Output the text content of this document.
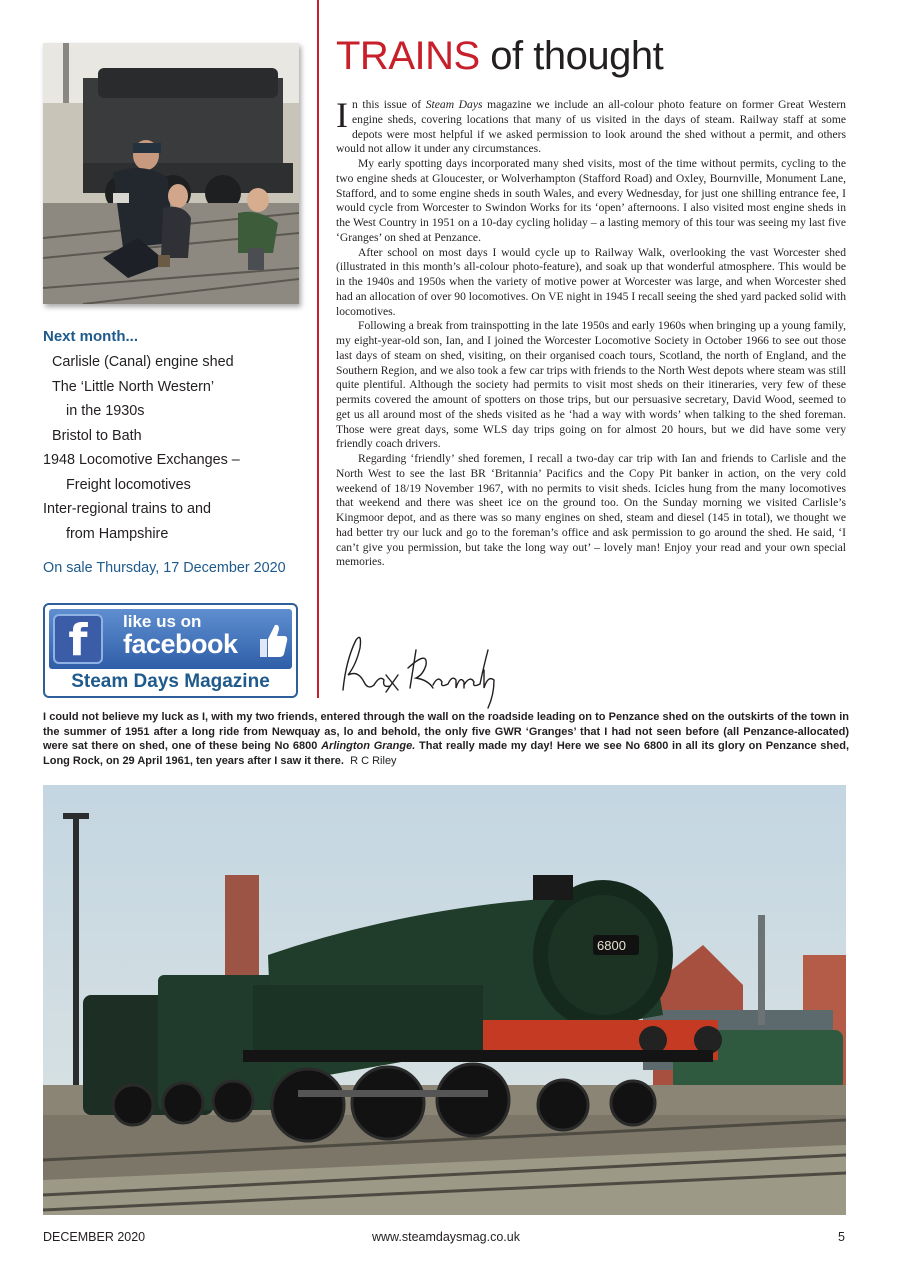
Next month...
Carlisle (Canal) engine shed
The ‘Little North Western’
in the 1930s
Bristol to Bath
1948 Locomotive Exchanges –
Freight locomotives
Inter-regional trains to and
from Hampshire
On sale Thursday, 17 December 2020
f	like us on
facebook
Steam Days Magazine
TRAINS of thought

In this issue of Steam Days magazine we include an all-colour photo feature on former Great Western engine sheds, covering locations that many of us visited in the days of steam. Railway staff at some depots were most helpful if we asked permission to look around the shed without a permit, and others would not allow it under any circumstances.

My early spotting days incorporated many shed visits, most of the time without permits, cycling to the two engine sheds at Gloucester, or Wolverhampton (Stafford Road) and Oxley, Bournville, Monument Lane, Stafford, and to some engine sheds in south Wales, and every Wednesday, for just one shilling entrance fee, I would cycle from Worcester to Swindon Works for its ‘open’ afternoons. I also visited most engine sheds in the West Country in 1951 on a 10-day cycling holiday – a lasting memory of this tour was seeing my last five ‘Granges’ on shed at Penzance.

After school on most days I would cycle up to Railway Walk, overlooking the vast Worcester shed (illustrated in this month’s all-colour photo-feature), and soak up that wonderful atmosphere. This would be in the 1940s and 1950s when the variety of motive power at Worcester was large, and when Worcester shed had an allocation of over 90 locomotives. On VE night in 1945 I recall seeing the shed yard packed solid with locomotives.

Following a break from trainspotting in the late 1950s and early 1960s when bringing up a young family, my eight-year-old son, Ian, and I joined the Worcester Locomotive Society in October 1966 to see out those last days of steam on shed, visiting, on their organised coach tours, Scotland, the north of England, and the Southern Region, and we also took a few car trips with friends to the North West depots where steam was still quite plentiful. Although the society had permits to visit most sheds on their itineraries, very few of these permits covered the amount of spotters on those trips, but our persuasive secretary, David Wood, seemed to get us all around most of the sheds visited as he ‘had a way with words’ when talking to the shed foreman. Those were great days, some WLS day trips going on for almost 20 hours, but we did have some very friendly coach drivers.

Regarding ‘friendly’ shed foremen, I recall a two-day car trip with Ian and friends to Carlisle and the North West to see the last BR ‘Britannia’ Pacifics and the Copy Pit banker in action, on the very cold weekend of 18/19 November 1967, with no permits to visit sheds. Icicles hung from the many locomotives that weekend and there was sheet ice on the ground too. On the Sunday morning we visited Carlisle’s Kingmoor depot, and as there was so many engines on shed, steam and diesel (145 in total), we thought we had better try our luck and go to the foreman’s office and ask permission to go around the shed. He said, ‘I can’t give you permission, but take the long way out’ – lovely man! Enjoy your read and your own special memories.

I could not believe my luck as I, with my two friends, entered through the wall on the roadside leading on to Penzance shed on the outskirts of the town in the summer of 1951 after a long ride from Newquay as, lo and behold, the only five GWR ‘Granges’ that I had not seen before (all Penzance-allocated) were sat there on shed, one of these being No 6800 Arlington Grange. That really made my day! Here we see No 6800 in all its glory on Penzance shed, Long Rock, on 29 April 1961, ten years after I saw it there. R C Riley
6800
DECEMBER 2020	www.steamdaysmag.co.uk	5
